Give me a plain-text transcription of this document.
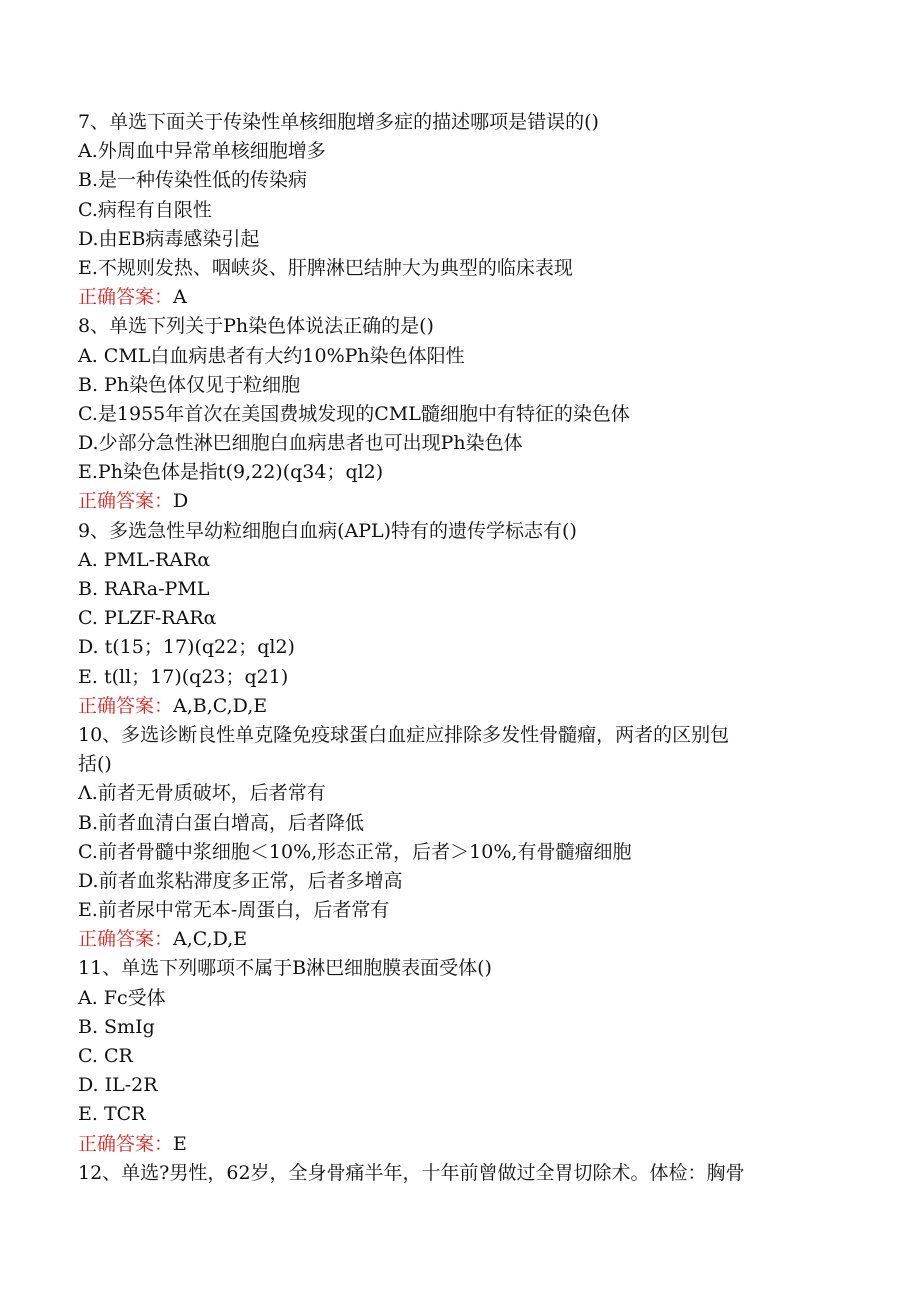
7、单选下面关于传染性单核细胞增多症的描述哪项是错误的()
A.外周血中异常单核细胞增多
B.是一种传染性低的传染病
C.病程有自限性
D.由EB病毒感染引起
E.不规则发热、咽峡炎、肝脾淋巴结肿大为典型的临床表现
正确答案：A
8、单选下列关于Ph染色体说法正确的是()
A. CML白血病患者有大约10%Ph染色体阳性
B. Ph染色体仅见于粒细胞
C.是1955年首次在美国费城发现的CML髓细胞中有特征的染色体
D.少部分急性淋巴细胞白血病患者也可出现Ph染色体
E.Ph染色体是指t(9,22)(q34；ql2)
正确答案：D
9、多选急性早幼粒细胞白血病(APL)特有的遗传学标志有()
A. PML-RARα
B. RARa-PML
C. PLZF-RARα
D. t(15；17)(q22；ql2)
E. t(ll；17)(q23；q21)
正确答案：A,B,C,D,E
10、多选诊断良性单克隆免疫球蛋白血症应排除多发性骨髓瘤，两者的区别包
括()
Λ.前者无骨质破坏，后者常有
B.前者血清白蛋白增高，后者降低
C.前者骨髓中浆细胞＜10%,形态正常，后者＞10%,有骨髓瘤细胞
D.前者血浆粘滞度多正常，后者多增高
E.前者尿中常无本-周蛋白，后者常有
正确答案：A,C,D,E
11、单选下列哪项不属于B淋巴细胞膜表面受体()
A. Fc受体
B. SmIg
C. CR
D. IL-2R
E. TCR
正确答案：E
12、单选?男性，62岁，全身骨痛半年，十年前曾做过全胃切除术。体检：胸骨
